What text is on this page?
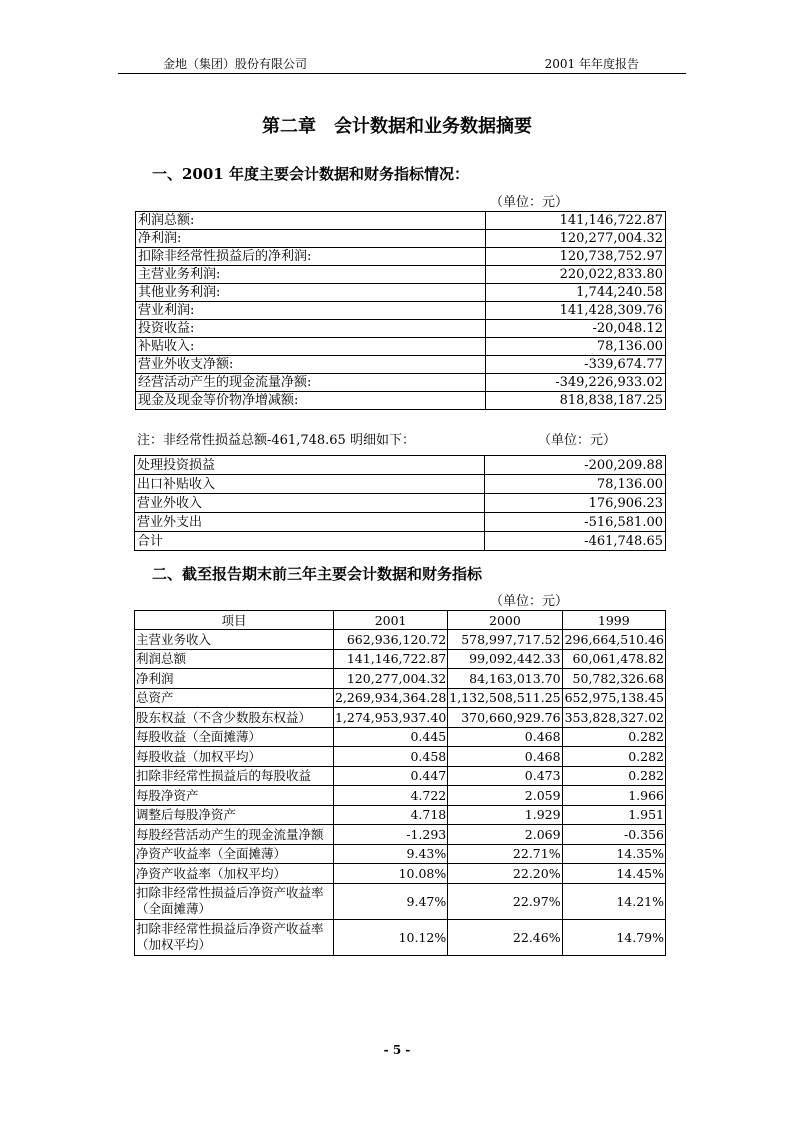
金地（集团）股份有限公司	2001 年年度报告
第二章　会计数据和业务数据摘要
一、2001 年度主要会计数据和财务指标情况：
（单位：元）
利润总额:	141,146,722.87
净利润:	120,277,004.32
扣除非经常性损益后的净利润:	120,738,752.97
主营业务利润:	220,022,833.80
其他业务利润:	1,744,240.58
营业利润:	141,428,309.76
投资收益:	-20,048.12
补贴收入:	78,136.00
营业外收支净额:	-339,674.77
经营活动产生的现金流量净额:	-349,226,933.02
现金及现金等价物净增减额:	818,838,187.25
注：非经常性损益总额-461,748.65 明细如下：	（单位：元）
处理投资损益	-200,209.88
出口补贴收入	78,136.00
营业外收入	176,906.23
营业外支出	-516,581.00
合计	-461,748.65
二、截至报告期末前三年主要会计数据和财务指标
（单位：元）
项目	2001	2000	1999
主营业务收入	662,936,120.72	578,997,717.52	296,664,510.46
利润总额	141,146,722.87	99,092,442.33	60,061,478.82
净利润	120,277,004.32	84,163,013.70	50,782,326.68
总资产	2,269,934,364.28	1,132,508,511.25	652,975,138.45
股东权益（不含少数股东权益）	1,274,953,937.40	370,660,929.76	353,828,327.02
每股收益（全面摊薄）	0.445	0.468	0.282
每股收益（加权平均）	0.458	0.468	0.282
扣除非经常性损益后的每股收益	0.447	0.473	0.282
每股净资产	4.722	2.059	1.966
调整后每股净资产	4.718	1.929	1.951
每股经营活动产生的现金流量净额	-1.293	2.069	-0.356
净资产收益率（全面摊薄）	9.43%	22.71%	14.35%
净资产收益率（加权平均）	10.08%	22.20%	14.45%
扣除非经常性损益后净资产收益率（全面摊薄）	9.47%	22.97%	14.21%
扣除非经常性损益后净资产收益率（加权平均）	10.12%	22.46%	14.79%
- 5 -
